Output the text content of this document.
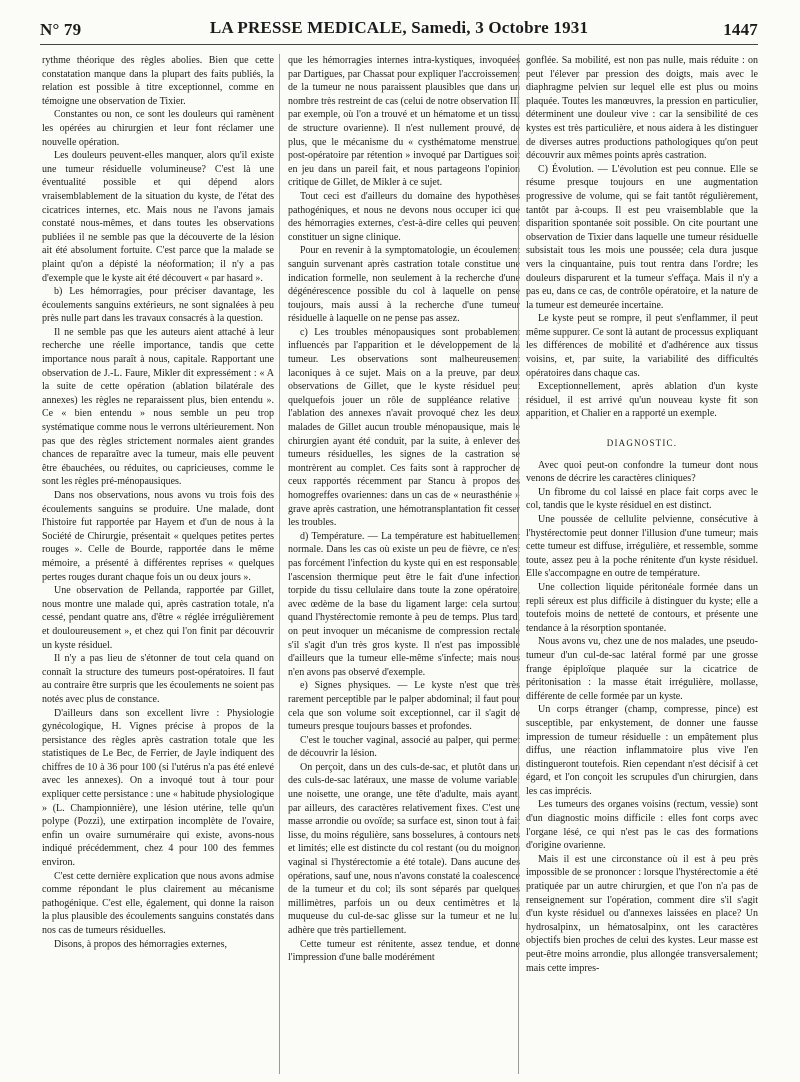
N° 79	LA PRESSE MEDICALE, Samedi, 3 Octobre 1931	1447

rythme théorique des règles abolies. Bien que cette constatation manque dans la plupart des faits publiés, la relation est possible à titre exceptionnel, comme en témoigne une observation de Tixier.

Constantes ou non, ce sont les douleurs qui ramènent les opérées au chirurgien et leur font réclamer une nouvelle opération.

Les douleurs peuvent-elles manquer, alors qu'il existe une tumeur résiduelle volumineuse? C'est là une éventualité possible et qui dépend alors vraisemblablement de la situation du kyste, de l'état des cicatrices internes, etc. Mais nous ne l'avons jamais constaté nous-mêmes, et dans toutes les observations publiées il ne semble pas que la découverte de la lésion ait été absolument fortuite. C'est parce que la malade se plaint qu'on a dépisté la néoformation; il n'y a pas d'exemple que le kyste ait été découvert « par hasard ».

b) Les hémorragies, pour préciser davantage, les écoulements sanguins extérieurs, ne sont signalées à peu près nulle part dans les travaux consacrés à la question.

Il ne semble pas que les auteurs aient attaché à leur recherche une réelle importance, tandis que cette importance nous paraît à nous, capitale. Rapportant une observation de J.-L. Faure, Mikler dit expressément : « A la suite de cette opération (ablation bilatérale des annexes) les règles ne reparaissent plus, bien entendu ». Ce « bien entendu » nous semble un peu trop systématique comme nous le verrons ultérieurement. Non pas que des règles strictement normales aient grandes chances de reparaître avec la tumeur, mais elle peuvent être ébauchées, ou réduites, ou capricieuses, comme le sont les règles pré-ménopausiques.

Dans nos observations, nous avons vu trois fois des écoulements sanguins se produire. Une malade, dont l'histoire fut rapportée par Hayem et d'un de nous à la Société de Chirurgie, présentait « quelques petites pertes rouges ». Celle de Bourde, rapportée dans le même mémoire, a présenté à différentes reprises « quelques pertes rouges durant chaque fois un ou deux jours ».

Une observation de Pellanda, rapportée par Gillet, nous montre une malade qui, après castration totale, n'a cessé, pendant quatre ans, d'être « réglée irrégulièrement et douloureusement », et chez qui l'on finit par découvrir un kyste résiduel.

Il n'y a pas lieu de s'étonner de tout cela quand on connaît la structure des tumeurs post-opératoires. Il faut au contraire être surpris que les écoulements ne soient pas notés avec plus de constance.

D'ailleurs dans son excellent livre : Physiologie gynécologique, H. Vignes précise à propos de la persistance des règles après castration totale que les statistiques de Le Bec, de Ferrier, de Jayle indiquent des chiffres de 10 à 36 pour 100 (si l'utérus n'a pas été enlevé avec les annexes). On a invoqué tout à tour pour expliquer cette persistance : une « habitude physiologique » (L. Championnière), une lésion utérine, telle qu'un polype (Pozzi), une extirpation incomplète de l'ovaire, enfin un ovaire surnuméraire qui existe, avons-nous indiqué précédemment, chez 4 pour 100 des femmes environ.

C'est cette dernière explication que nous avons admise comme répondant le plus clairement au mécanisme pathogénique. C'est elle, également, qui donne la raison la plus plausible des écoulements sanguins constatés dans nos cas de tumeurs résiduelles.

Disons, à propos des hémorragies externes,

que les hémorragies internes intra-kystiques, invoquées par Dartigues, par Chassat pour expliquer l'accroissement de la tumeur ne nous paraissent plausibles que dans un nombre très restreint de cas (celui de notre observation III par exemple, où l'on a trouvé et un hématome et un tissu de structure ovarienne). Il n'est nullement prouvé, de plus, que le mécanisme du « cysthématome menstruel post-opératoire par rétention » invoqué par Dartigues soit en jeu dans un pareil fait, et nous partageons l'opinion critique de Gillet, de Mikler à ce sujet.

Tout ceci est d'ailleurs du domaine des hypothèses pathogéniques, et nous ne devons nous occuper ici que des hémorragies externes, c'est-à-dire celles qui peuvent constituer un signe clinique.

Pour en revenir à la symptomatologie, un écoulement sanguin survenant après castration totale constitue une indication formelle, non seulement à la recherche d'une dégénérescence possible du col à laquelle on pense toujours, mais aussi à la recherche d'une tumeur résiduelle à laquelle on ne pense pas assez.

c) Les troubles ménopausiques sont probablement influencés par l'apparition et le développement de la tumeur. Les observations sont malheureusement laconiques à ce sujet. Mais on a la preuve, par deux observations de Gillet, que le kyste résiduel peut quelquefois jouer un rôle de suppléance relative : l'ablation des annexes n'avait provoqué chez les deux malades de Gillet aucun trouble ménopausique, mais le chirurgien ayant été conduit, par la suite, à enlever des tumeurs résiduelles, les signes de la castration se montrèrent au complet. Ces faits sont à rapprocher de ceux rapportés récemment par Stancu à propos des homogreffes ovariennes: dans un cas de « neurasthénie » grave après castration, une hémotransplantation fit cesser les troubles.

d) Température. — La température est habituellement normale. Dans les cas où existe un peu de fièvre, ce n'est pas forcément l'infection du kyste qui en est responsable; l'ascension thermique peut être le fait d'une infection torpide du tissu cellulaire dans toute la zone opératoire, avec œdème de la base du ligament large: cela surtout quand l'hystérectomie remonte à peu de temps. Plus tard, on peut invoquer un mécanisme de compression rectale s'il s'agit d'un très gros kyste. Il n'est pas impossible d'ailleurs que la tumeur elle-même s'infecte; mais nous n'en avons pas observé d'exemple.

e) Signes physiques. — Le kyste n'est que très rarement perceptible par le palper abdominal; il faut pour cela que son volume soit exceptionnel, car il s'agit de tumeurs presque toujours basses et profondes.

C'est le toucher vaginal, associé au palper, qui permet de découvrir la lésion.

On perçoit, dans un des culs-de-sac, et plutôt dans un des culs-de-sac latéraux, une masse de volume variable: une noisette, une orange, une tête d'adulte, mais ayant, par ailleurs, des caractères relativement fixes. C'est une masse arrondie ou ovoïde; sa surface est, sinon tout à fait lisse, du moins régulière, sans bosselures, à contours nets et limités; elle est distincte du col restant (ou du moignon vaginal si l'hystérectomie a été totale). Dans aucune des opérations, sauf une, nous n'avons constaté la coalescence de la tumeur et du col; ils sont séparés par quelques millimètres, parfois un ou deux centimètres et la muqueuse du cul-de-sac glisse sur la tumeur et ne lui adhère que très partiellement.

Cette tumeur est rénitente, assez tendue, et donne l'impression d'une balle modérément

gonflée. Sa mobilité, est non pas nulle, mais réduite : on peut l'élever par pression des doigts, mais avec le diaphragme pelvien sur lequel elle est plus ou moins plaquée. Toutes les manœuvres, la pression en particulier, déterminent une douleur vive : car la sensibilité de ces kystes est très particulière, et nous aidera à les distinguer de diverses autres productions pathologiques qu'on peut découvrir aux mêmes points après castration.

C) Évolution. — L'évolution est peu connue. Elle se résume presque toujours en une augmentation progressive de volume, qui se fait tantôt régulièrement, tantôt par à-coups. Il est peu vraisemblable que la disparition spontanée soit possible. On cite pourtant une observation de Tixier dans laquelle une tumeur résiduelle subsistait tous les mois une poussée; cela dura jusque vers la cinquantaine, puis tout rentra dans l'ordre; les douleurs disparurent et la tumeur s'effaça. Mais il n'y a pas eu, dans ce cas, de contrôle opératoire, et la nature de la tumeur est demeurée incertaine.

Le kyste peut se rompre, il peut s'enflammer, il peut même suppurer. Ce sont là autant de processus expliquant les différences de mobilité et d'adhérence aux tissus voisins, et, par suite, la variabilité des difficultés opératoires dans chaque cas.

Exceptionnellement, après ablation d'un kyste résiduel, il est arrivé qu'un nouveau kyste fit son apparition, et Chalier en a rapporté un exemple.

DIAGNOSTIC.

Avec quoi peut-on confondre la tumeur dont nous venons de décrire les caractères cliniques?

Un fibrome du col laissé en place fait corps avec le col, tandis que le kyste résiduel en est distinct.

Une poussée de cellulite pelvienne, consécutive à l'hystérectomie peut donner l'illusion d'une tumeur; mais cette tumeur est diffuse, irrégulière, et ressemble, somme toute, assez peu à la poche rénitente d'un kyste résiduel. Elle s'accompagne en outre de température.

Une collection liquide péritonéale formée dans un repli séreux est plus difficile à distinguer du kyste; elle a toutefois moins de netteté de contours, et présente une tendance à la résorption spontanée.

Nous avons vu, chez une de nos malades, une pseudo-tumeur d'un cul-de-sac latéral formé par une grosse frange épiploïque plaquée sur la cicatrice de péritonisation : la masse était irrégulière, mollasse, différente de celle formée par un kyste.

Un corps étranger (champ, compresse, pince) est susceptible, par enkystement, de donner une fausse impression de tumeur résiduelle : un empâtement plus diffus, une réaction inflammatoire plus vive l'en distingueront toutefois. Rien cependant n'est décisif à cet égard, et l'on conçoit les scrupules d'un chirurgien, dans les cas imprécis.

Les tumeurs des organes voisins (rectum, vessie) sont d'un diagnostic moins difficile : elles font corps avec l'organe lésé, ce qui n'est pas le cas des formations d'origine ovarienne.

Mais il est une circonstance où il est à peu près impossible de se prononcer : lorsque l'hystérectomie a été pratiquée par un autre chirurgien, et que l'on n'a pas de renseignement sur l'opération, comment dire s'il s'agit d'un kyste résiduel ou d'annexes laissées en place? Un hydrosalpinx, un hématosalpinx, ont les caractères objectifs bien proches de celui des kystes. Leur masse est peut-être moins arrondie, plus allongée transversalement; mais cette impres-
